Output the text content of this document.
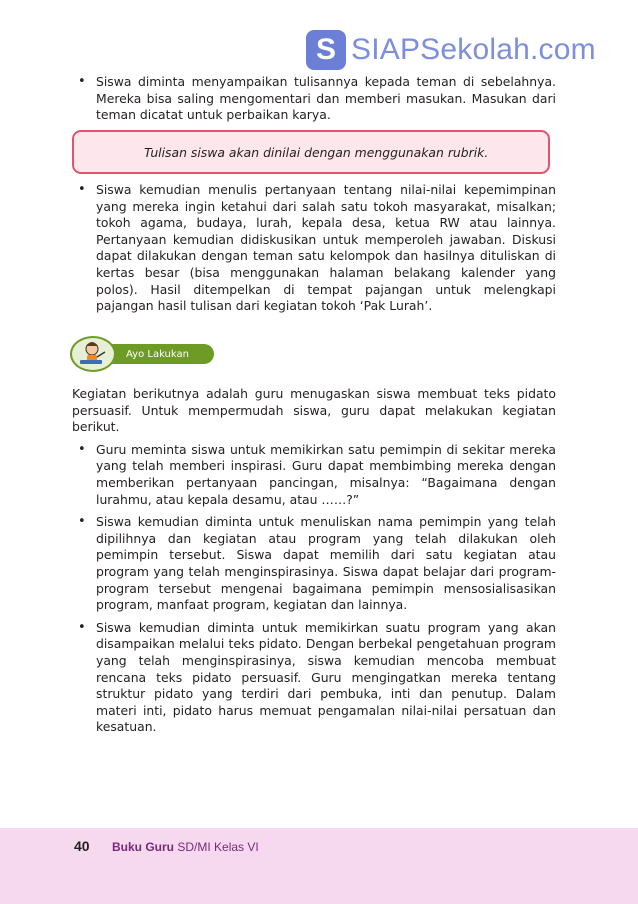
S SIAPSekolah.com
• Siswa diminta menyampaikan tulisannya kepada teman di sebelahnya. Mereka bisa saling mengomentari dan memberi masukan. Masukan dari teman dicatat untuk perbaikan karya.
Tulisan siswa akan dinilai dengan menggunakan rubrik.
• Siswa kemudian menulis pertanyaan tentang nilai-nilai kepemimpinan yang mereka ingin ketahui dari salah satu tokoh masyarakat, misalkan; tokoh agama, budaya, lurah, kepala desa, ketua RW atau lainnya. Pertanyaan kemudian didiskusikan untuk memperoleh jawaban. Diskusi dapat dilakukan dengan teman satu kelompok dan hasilnya dituliskan di kertas besar (bisa menggunakan halaman belakang kalender yang polos). Hasil ditempelkan di tempat pajangan untuk melengkapi pajangan hasil tulisan dari kegiatan tokoh ‘Pak Lurah’.
Ayo Lakukan
Kegiatan berikutnya adalah guru menugaskan siswa membuat teks pidato persuasif. Untuk mempermudah siswa, guru dapat melakukan kegiatan berikut.
• Guru meminta siswa untuk memikirkan satu pemimpin di sekitar mereka yang telah memberi inspirasi. Guru dapat membimbing mereka dengan memberikan pertanyaan pancingan, misalnya: “Bagaimana dengan lurahmu, atau kepala desamu, atau ……?”
• Siswa kemudian diminta untuk menuliskan nama pemimpin yang telah dipilihnya dan kegiatan atau program yang telah dilakukan oleh pemimpin tersebut. Siswa dapat memilih dari satu kegiatan atau program yang telah menginspirasinya. Siswa dapat belajar dari program-program tersebut mengenai bagaimana pemimpin mensosialisasikan program, manfaat program, kegiatan dan lainnya.
• Siswa kemudian diminta untuk memikirkan suatu program yang akan disampaikan melalui teks pidato. Dengan berbekal pengetahuan program yang telah menginspirasinya, siswa kemudian mencoba membuat rencana teks pidato persuasif. Guru mengingatkan mereka tentang struktur pidato yang terdiri dari pembuka, inti dan penutup. Dalam materi inti, pidato harus memuat pengamalan nilai-nilai persatuan dan kesatuan.
40 Buku Guru SD/MI Kelas VI
